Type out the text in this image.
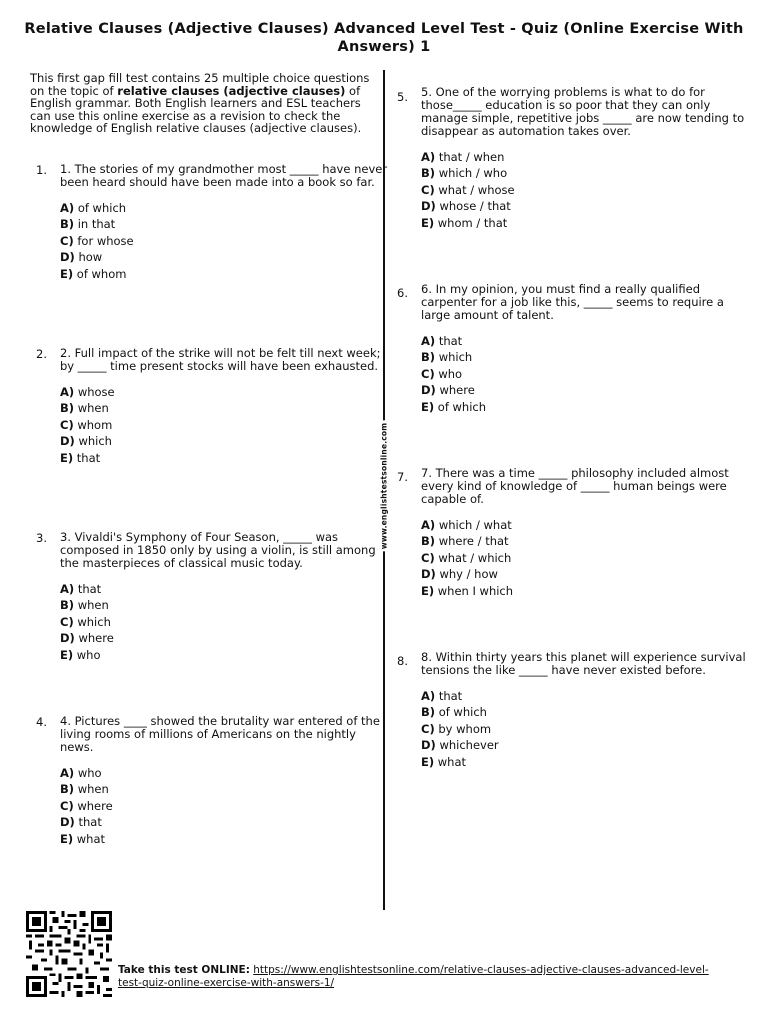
Relative Clauses (Adjective Clauses) Advanced Level Test - Quiz (Online Exercise With Answers) 1
www.englishtestsonline.com
This first gap fill test contains 25 multiple choice questions on the topic of relative clauses (adjective clauses) of English grammar. Both English learners and ESL teachers can use this online exercise as a revision to check the knowledge of English relative clauses (adjective clauses).
1. 1. The stories of my grandmother most _____ have never been heard should have been made into a book so far.
A) of which
B) in that
C) for whose
D) how
E) of whom
2. 2. Full impact of the strike will not be felt till next week; by _____ time present stocks will have been exhausted.
A) whose
B) when
C) whom
D) which
E) that
3. 3. Vivaldi's Symphony of Four Season, _____ was composed in 1850 only by using a violin, is still among the masterpieces of classical music today.
A) that
B) when
C) which
D) where
E) who
4. 4. Pictures ____ showed the brutality war entered of the living rooms of millions of Americans on the nightly news.
A) who
B) when
C) where
D) that
E) what
5. 5. One of the worrying problems is what to do for those_____ education is so poor that they can only manage simple, repetitive jobs _____ are now tending to disappear as automation takes over.
A) that / when
B) which / who
C) what / whose
D) whose / that
E) whom / that
6. 6. In my opinion, you must find a really qualified carpenter for a job like this, _____ seems to require a large amount of talent.
A) that
B) which
C) who
D) where
E) of which
7. 7. There was a time _____ philosophy included almost every kind of knowledge of _____ human beings were capable of.
A) which / what
B) where / that
C) what / which
D) why / how
E) when I which
8. 8. Within thirty years this planet will experience survival tensions the like _____ have never existed before.
A) that
B) of which
C) by whom
D) whichever
E) what
Take this test ONLINE: https://www.englishtestsonline.com/relative-clauses-adjective-clauses-advanced-level-test-quiz-online-exercise-with-answers-1/
